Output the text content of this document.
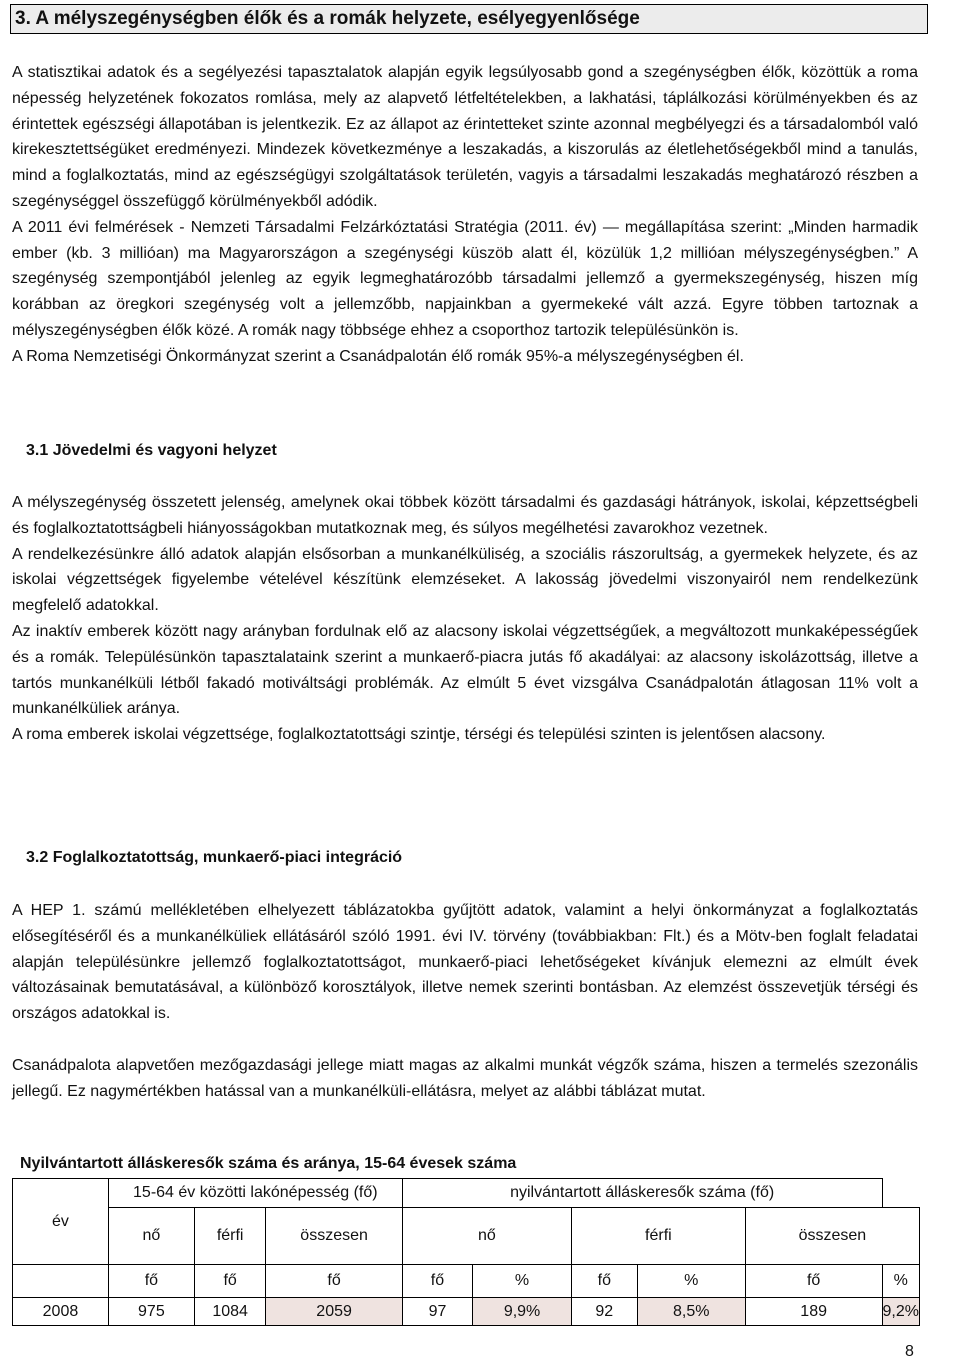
3. A mélyszegénységben élők és a romák helyzete, esélyegyenlősége

A statisztikai adatok és a segélyezési tapasztalatok alapján egyik legsúlyosabb gond a szegénységben élők, közöttük a roma népesség helyzetének fokozatos romlása, mely az alapvető létfeltételekben, a lakhatási, táplálkozási körülményekben és az érintettek egészségi állapotában is jelentkezik. Ez az állapot az érintetteket szinte azonnal megbélyegzi és a társadalomból való kirekesztettségüket eredményezi. Mindezek következménye a leszakadás, a kiszorulás az életlehetőségekből mind a tanulás, mind a foglalkoztatás, mind az egészségügyi szolgáltatások területén, vagyis a társadalmi leszakadás meghatározó részben a szegénységgel összefüggő körülményekből adódik.

A 2011 évi felmérések - Nemzeti Társadalmi Felzárkóztatási Stratégia (2011. év) — megállapítása szerint: „Minden harmadik ember (kb. 3 millióan) ma Magyarországon a szegénységi küszöb alatt él, közülük 1,2 millióan mélyszegénységben.” A szegénység szempontjából jelenleg az egyik legmeghatározóbb társadalmi jellemző a gyermekszegénység, hiszen míg korábban az öregkori szegénység volt a jellemzőbb, napjainkban a gyermekeké vált azzá. Egyre többen tartoznak a mélyszegénységben élők közé. A romák nagy többsége ehhez a csoporthoz tartozik településünkön is.

A Roma Nemzetiségi Önkormányzat szerint a Csanádpalotán élő romák 95%-a mélyszegénységben él.

3.1 Jövedelmi és vagyoni helyzet

A mélyszegénység összetett jelenség, amelynek okai többek között társadalmi és gazdasági hátrányok, iskolai, képzettségbeli és foglalkoztatottságbeli hiányosságokban mutatkoznak meg, és súlyos megélhetési zavarokhoz vezetnek.

A rendelkezésünkre álló adatok alapján elsősorban a munkanélküliség, a szociális rászorultság, a gyermekek helyzete, és az iskolai végzettségek figyelembe vételével készítünk elemzéseket. A lakosság jövedelmi viszonyairól nem rendelkezünk megfelelő adatokkal.

Az inaktív emberek között nagy arányban fordulnak elő az alacsony iskolai végzettségűek, a megváltozott munkaképességűek és a romák. Településünkön tapasztalataink szerint a munkaerő-piacra jutás fő akadályai: az alacsony iskolázottság, illetve a tartós munkanélküli létből fakadó motiváltsági problémák. Az elmúlt 5 évet vizsgálva Csanádpalotán átlagosan 11% volt a munkanélküliek aránya.

A roma emberek iskolai végzettsége, foglalkoztatottsági szintje, térségi és települési szinten is jelentősen alacsony.

3.2 Foglalkoztatottság, munkaerő-piaci integráció

A HEP 1. számú mellékletében elhelyezett táblázatokba gyűjtött adatok, valamint a helyi önkormányzat a foglalkoztatás elősegítéséről és a munkanélküliek ellátásáról szóló 1991. évi IV. törvény (továbbiakban: Flt.) és a Mötv-ben foglalt feladatai alapján településünkre jellemző foglalkoztatottságot, munkaerő-piaci lehetőségeket kívánjuk elemezni az elmúlt évek változásainak bemutatásával, a különböző korosztályok, illetve nemek szerinti bontásban. Az elemzést összevetjük térségi és országos adatokkal is.

Csanádpalota alapvetően mezőgazdasági jellege miatt magas az alkalmi munkát végzők száma, hiszen a termelés szezonális jellegű. Ez nagymértékben hatással van a munkanélküli-ellátásra, melyet az alábbi táblázat mutat.

Nyilvántartott álláskeresők száma és aránya, 15-64 évesek száma
év	15-64 év közötti lakónépesség (fő)			nyilvántartott álláskeresők száma (fő)					
	nő	férfi	összesen	nő		férfi		összesen	
	fő	fő	fő	fő	%	fő	%	fő	%
2008	975	1084	2059	97	9,9%	92	8,5%	189	9,2%
8
